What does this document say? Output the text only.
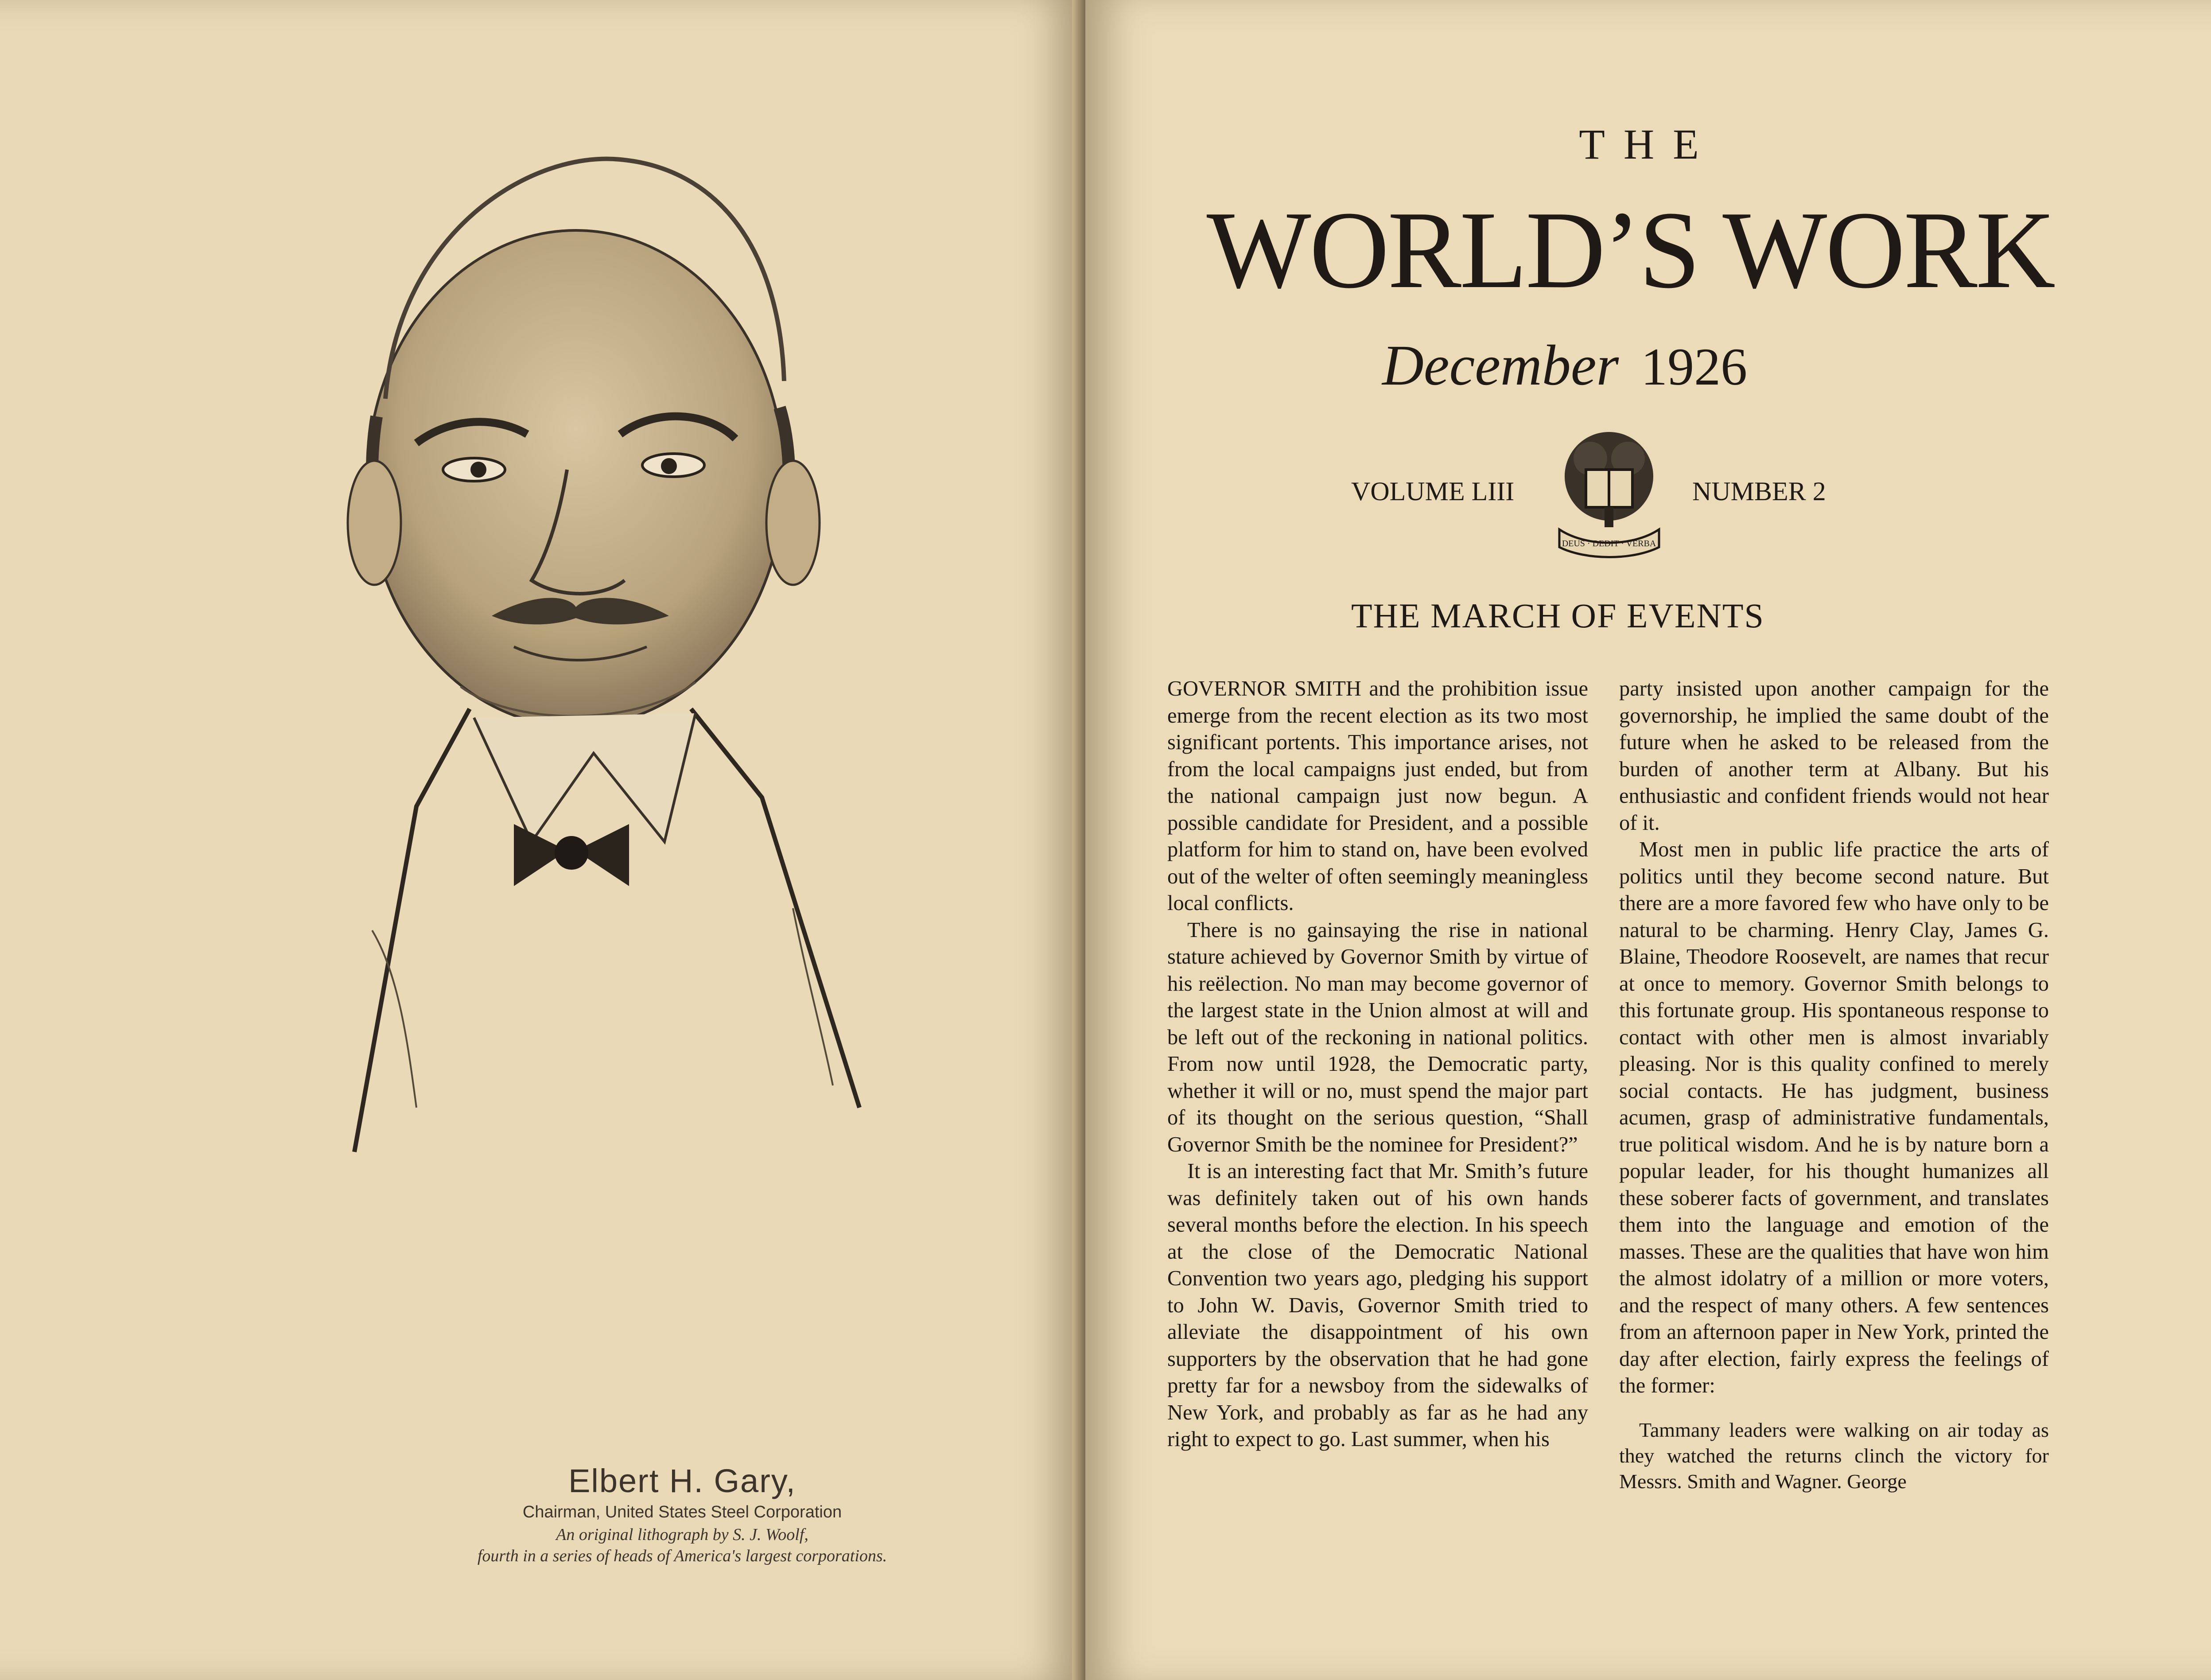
Elbert H. Gary,
Chairman, United States Steel Corporation
An original lithograph by S. J. Woolf,
fourth in a series of heads of America's largest corporations.
THE
WORLD’S WORK
December 1926
VOLUME LIII
DEUS · DEDIT · VERBA
NUMBER 2
THE MARCH OF EVENTS

GOVERNOR SMITH and the prohibition issue emerge from the recent election as its two most significant portents. This importance arises, not from the local campaigns just ended, but from the national campaign just now begun. A possible candidate for President, and a possible platform for him to stand on, have been evolved out of the welter of often seemingly meaningless local conflicts.

There is no gainsaying the rise in national stature achieved by Governor Smith by virtue of his reëlection. No man may become governor of the largest state in the Union almost at will and be left out of the reckoning in national politics. From now until 1928, the Democratic party, whether it will or no, must spend the major part of its thought on the serious question, “Shall Governor Smith be the nominee for President?”

It is an interesting fact that Mr. Smith’s future was definitely taken out of his own hands several months before the election. In his speech at the close of the Democratic National Convention two years ago, pledging his support to John W. Davis, Governor Smith tried to alleviate the disappointment of his own supporters by the observation that he had gone pretty far for a newsboy from the sidewalks of New York, and probably as far as he had any right to expect to go. Last summer, when his

party insisted upon another campaign for the governorship, he implied the same doubt of the future when he asked to be released from the burden of another term at Albany. But his enthusiastic and confident friends would not hear of it.

Most men in public life practice the arts of politics until they become second nature. But there are a more favored few who have only to be natural to be charming. Henry Clay, James G. Blaine, Theodore Roosevelt, are names that recur at once to memory. Governor Smith belongs to this fortunate group. His spontaneous response to contact with other men is almost invariably pleasing. Nor is this quality confined to merely social contacts. He has judgment, business acumen, grasp of administrative fundamentals, true political wisdom. And he is by nature born a popular leader, for his thought humanizes all these soberer facts of government, and translates them into the language and emotion of the masses. These are the qualities that have won him the almost idolatry of a million or more voters, and the respect of many others. A few sentences from an afternoon paper in New York, printed the day after election, fairly express the feelings of the former:

Tammany leaders were walking on air today as they watched the returns clinch the victory for Messrs. Smith and Wagner. George
